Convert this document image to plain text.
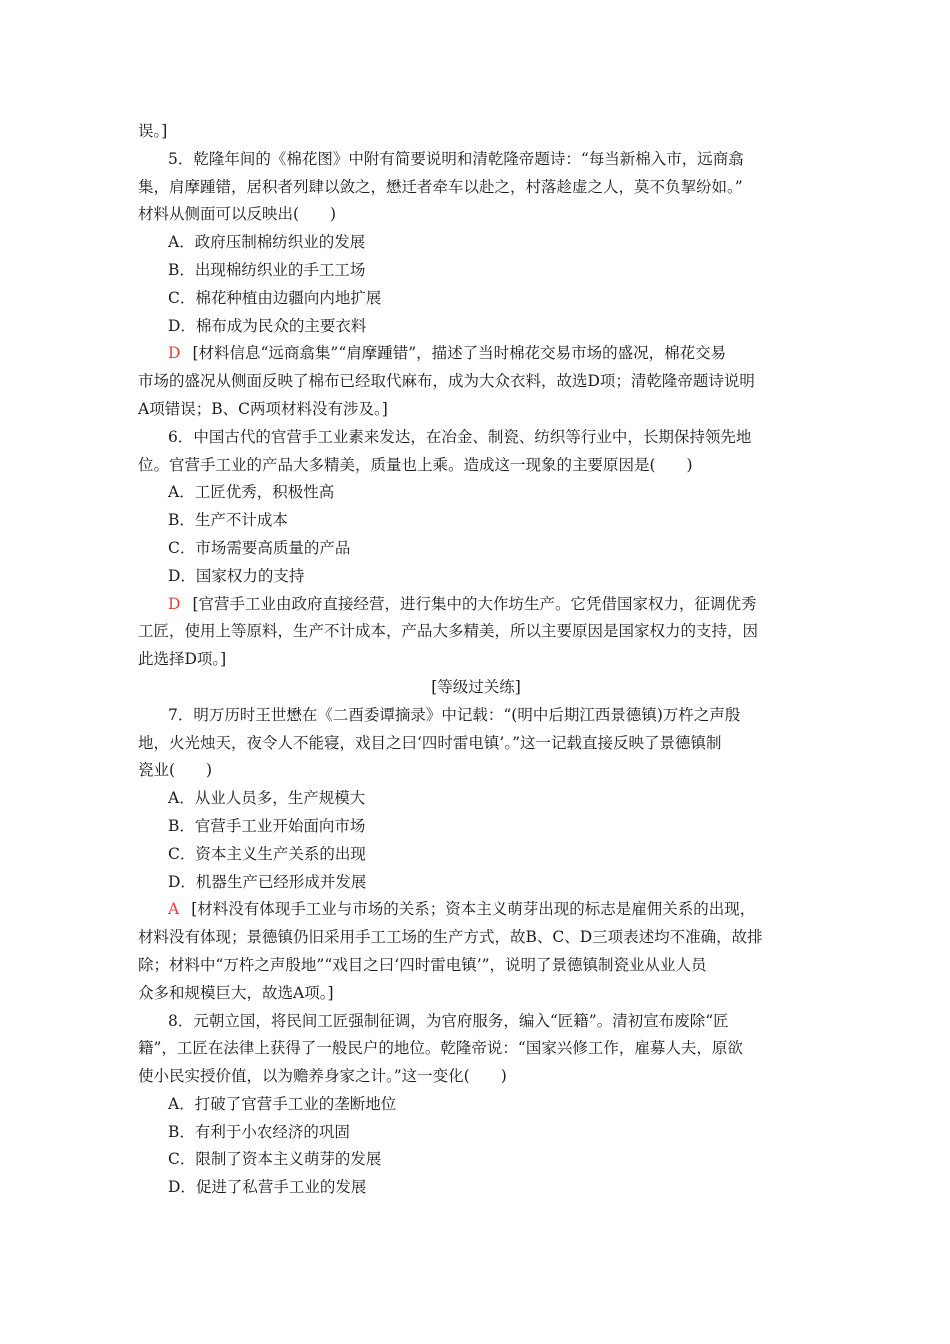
误。]
5．乾隆年间的《棉花图》中附有简要说明和清乾隆帝题诗：“每当新棉入市，远商翕
集，肩摩踵错，居积者列肆以敛之，懋迁者牵车以赴之，村落趁虚之人，莫不负挈纷如。”
材料从侧面可以反映出(　　)
A．政府压制棉纺织业的发展
B．出现棉纺织业的手工工场
C．棉花种植由边疆向内地扩展
D．棉布成为民众的主要衣料
D [材料信息“远商翕集”“肩摩踵错”，描述了当时棉花交易市场的盛况，棉花交易
市场的盛况从侧面反映了棉布已经取代麻布，成为大众衣料，故选D项；清乾隆帝题诗说明
A项错误；B、C两项材料没有涉及。]
6．中国古代的官营手工业素来发达，在冶金、制瓷、纺织等行业中，长期保持领先地
位。官营手工业的产品大多精美，质量也上乘。造成这一现象的主要原因是(　　)
A．工匠优秀，积极性高
B．生产不计成本
C．市场需要高质量的产品
D．国家权力的支持
D [官营手工业由政府直接经营，进行集中的大作坊生产。它凭借国家权力，征调优秀
工匠，使用上等原料，生产不计成本，产品大多精美，所以主要原因是国家权力的支持，因
此选择D项。]
[等级过关练]
7．明万历时王世懋在《二酉委谭摘录》中记载：“(明中后期江西景德镇)万杵之声殷
地，火光烛天，夜令人不能寝，戏目之曰‘四时雷电镇’。”这一记载直接反映了景德镇制
瓷业(　　)
A．从业人员多，生产规模大
B．官营手工业开始面向市场
C．资本主义生产关系的出现
D．机器生产已经形成并发展
A [材料没有体现手工业与市场的关系；资本主义萌芽出现的标志是雇佣关系的出现，
材料没有体现；景德镇仍旧采用手工工场的生产方式，故B、C、D三项表述均不准确，故排
除；材料中“万杵之声殷地”“戏目之曰‘四时雷电镇’”，说明了景德镇制瓷业从业人员
众多和规模巨大，故选A项。]
8．元朝立国，将民间工匠强制征调，为官府服务，编入“匠籍”。清初宣布废除“匠
籍”，工匠在法律上获得了一般民户的地位。乾隆帝说：“国家兴修工作，雇募人夫，原欲
使小民实授价值，以为赡养身家之计。”这一变化(　　)
A．打破了官营手工业的垄断地位
B．有利于小农经济的巩固
C．限制了资本主义萌芽的发展
D．促进了私营手工业的发展
